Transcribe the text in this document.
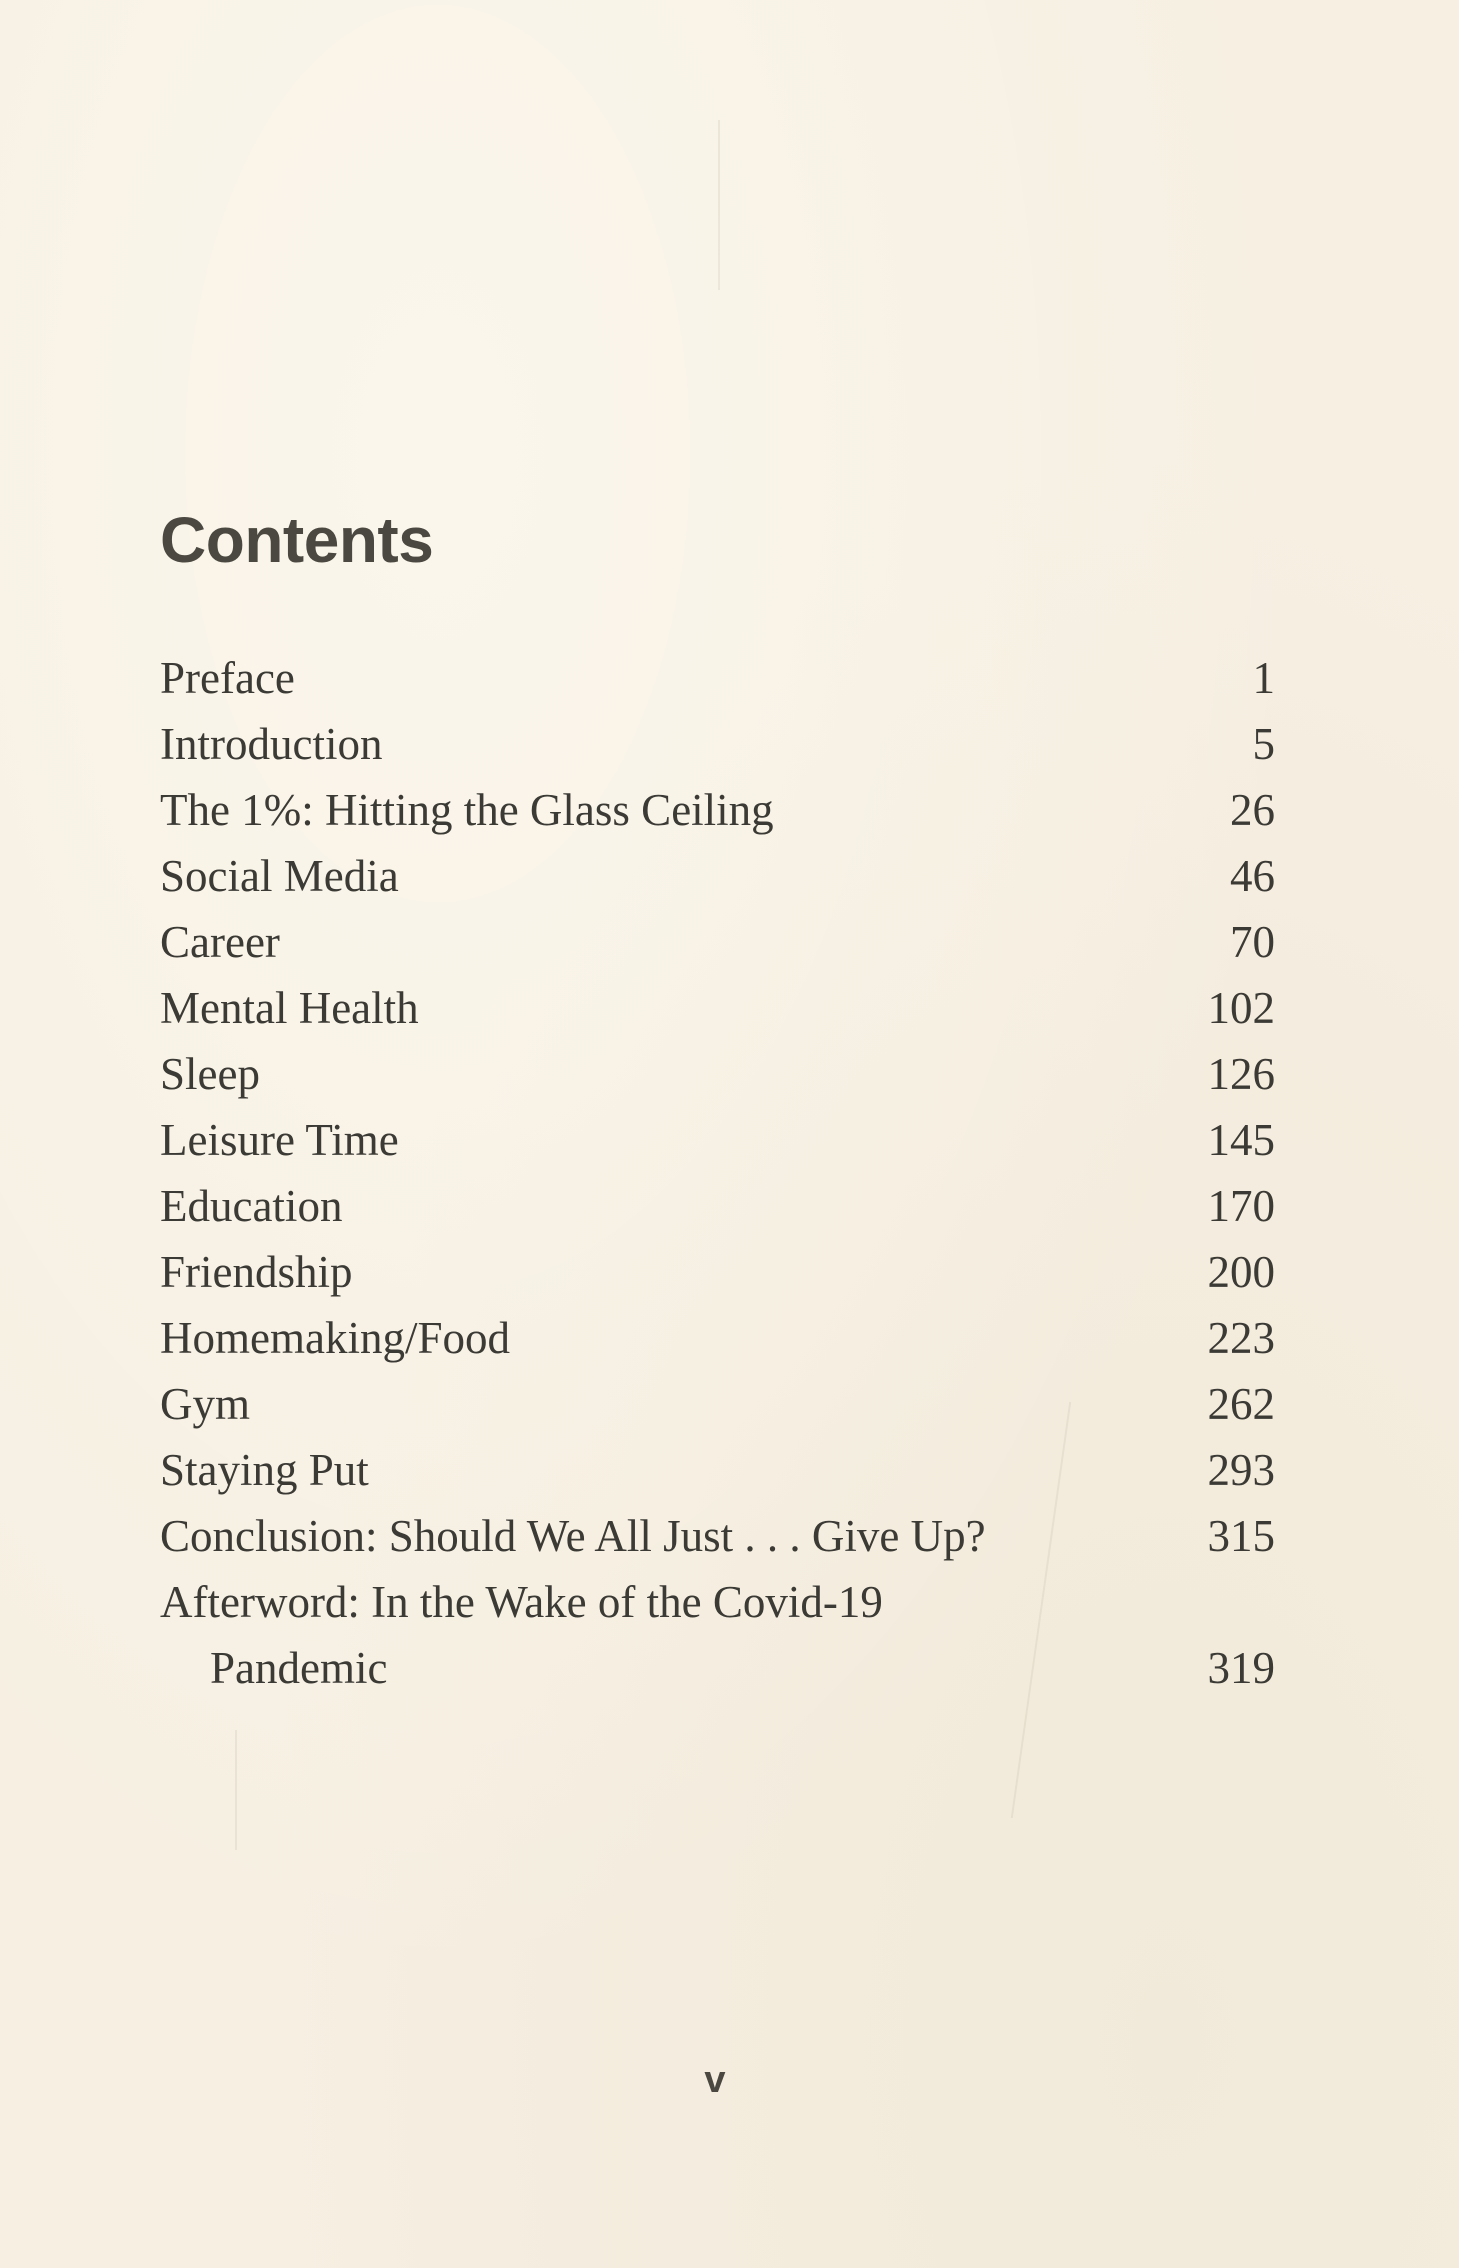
Contents
Preface	1
Introduction	5
The 1%: Hitting the Glass Ceiling	26
Social Media	46
Career	70
Mental Health	102
Sleep	126
Leisure Time	145
Education	170
Friendship	200
Homemaking/Food	223
Gym	262
Staying Put	293
Conclusion: Should We All Just . . . Give Up?	315
Afterword: In the Wake of the Covid-19
Pandemic	319
v
